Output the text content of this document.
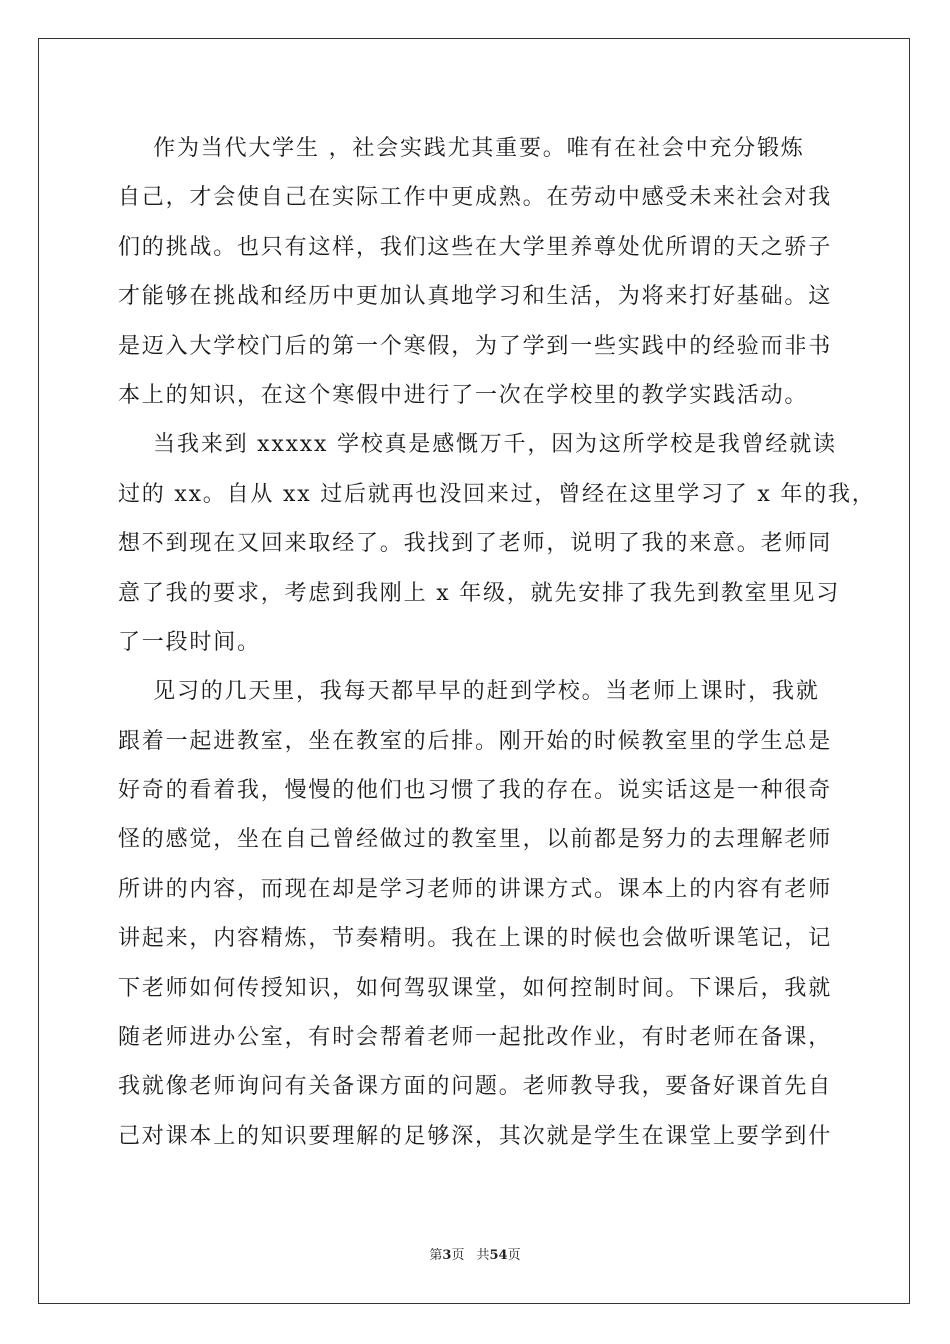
作为当代大学生 ，社会实践尤其重要。唯有在社会中充分锻炼
自己，才会使自己在实际工作中更成熟。在劳动中感受未来社会对我
们的挑战。也只有这样，我们这些在大学里养尊处优所谓的天之骄子
才能够在挑战和经历中更加认真地学习和生活，为将来打好基础。这
是迈入大学校门后的第一个寒假，为了学到一些实践中的经验而非书
本上的知识，在这个寒假中进行了一次在学校里的教学实践活动。
当我来到 xxxxx 学校真是感慨万千，因为这所学校是我曾经就读
过的 xx。自从 xx 过后就再也没回来过，曾经在这里学习了 x 年的我，
想不到现在又回来取经了。我找到了老师，说明了我的来意。老师同
意了我的要求，考虑到我刚上 x 年级，就先安排了我先到教室里见习
了一段时间。
见习的几天里，我每天都早早的赶到学校。当老师上课时，我就
跟着一起进教室，坐在教室的后排。刚开始的时候教室里的学生总是
好奇的看着我，慢慢的他们也习惯了我的存在。说实话这是一种很奇
怪的感觉，坐在自己曾经做过的教室里，以前都是努力的去理解老师
所讲的内容，而现在却是学习老师的讲课方式。课本上的内容有老师
讲起来，内容精炼，节奏精明。我在上课的时候也会做听课笔记，记
下老师如何传授知识，如何驾驭课堂，如何控制时间。下课后，我就
随老师进办公室，有时会帮着老师一起批改作业，有时老师在备课，
我就像老师询问有关备课方面的问题。老师教导我，要备好课首先自
己对课本上的知识要理解的足够深，其次就是学生在课堂上要学到什
第3页 共54页
